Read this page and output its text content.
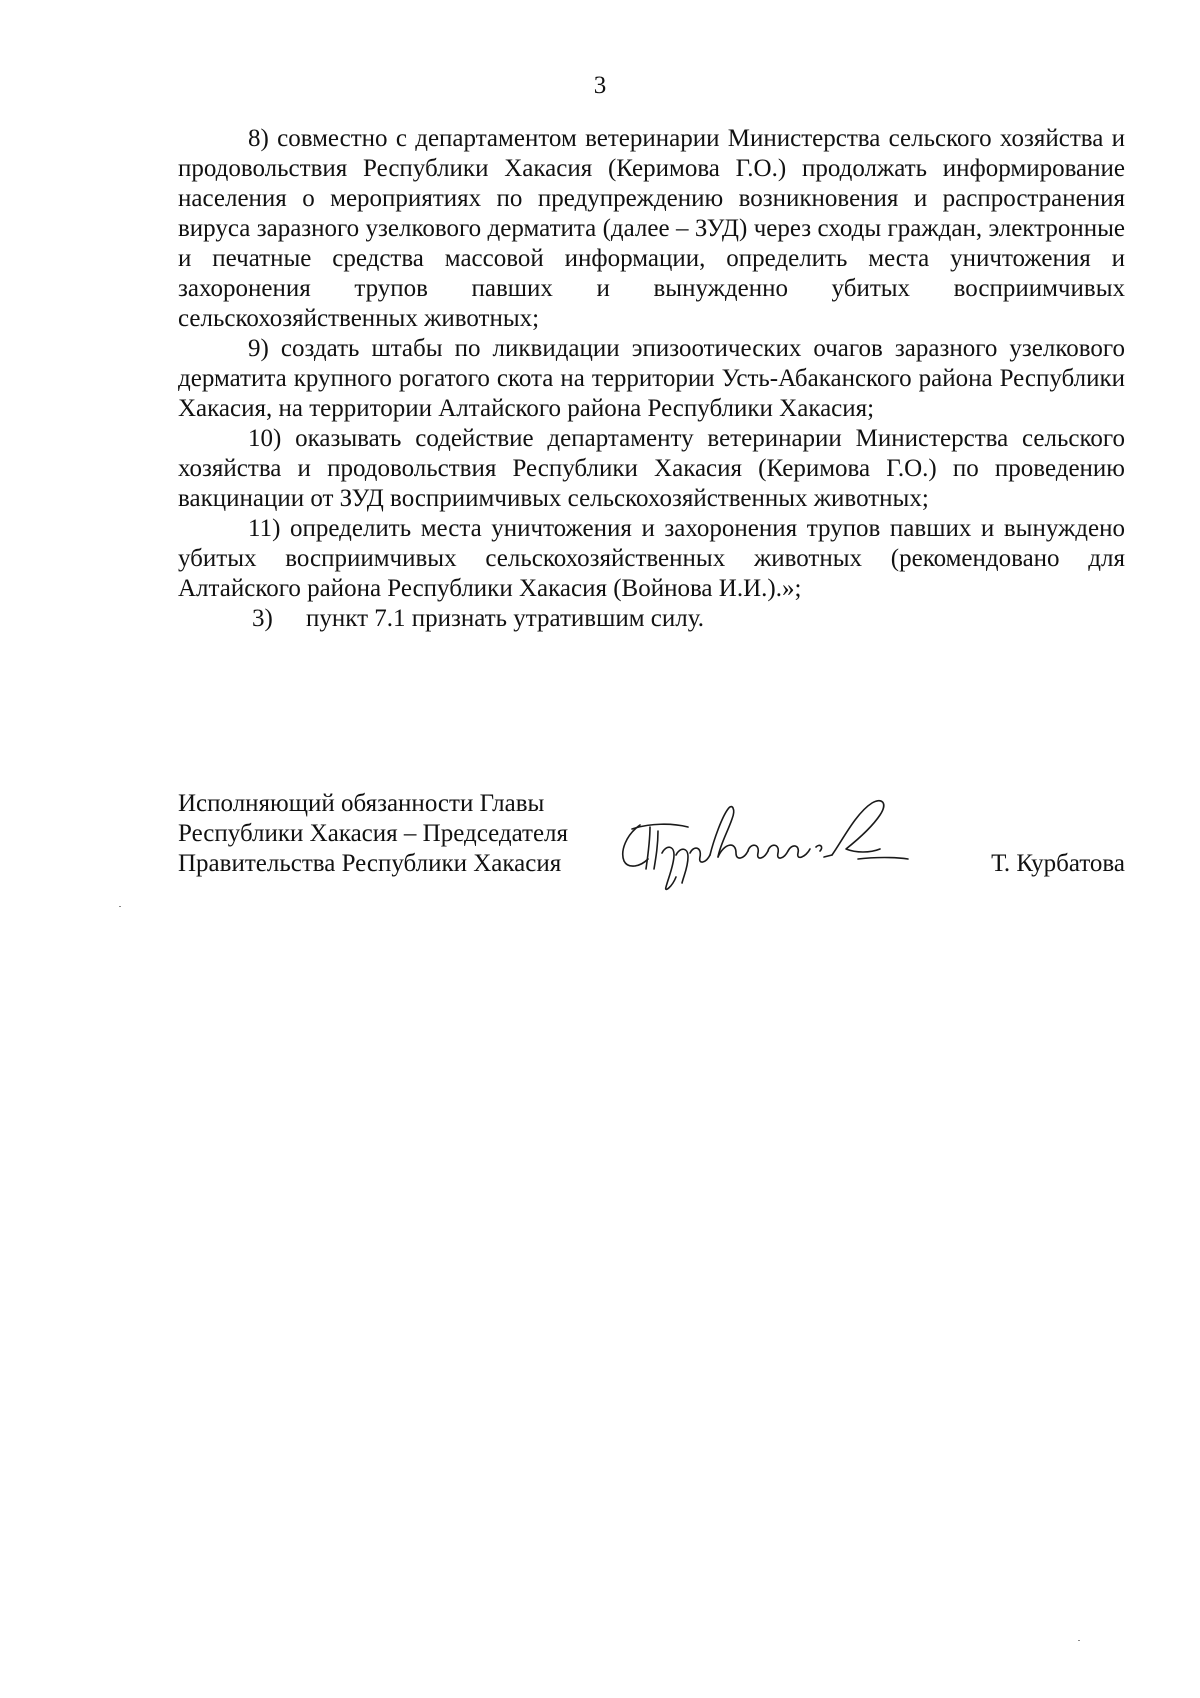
3

8) совместно с департаментом ветеринарии Министерства сельского хозяйства и продовольствия Республики Хакасия (Керимова Г.О.) продолжать информирование населения о мероприятиях по предупреждению возникновения и распространения вируса заразного узелкового дерматита (далее – ЗУД) через сходы граждан, электронные и печатные средства массовой информации, определить места уничтожения и захоронения трупов павших и вынужденно убитых восприимчивых сельскохозяйственных животных;

9) создать штабы по ликвидации эпизоотических очагов заразного узелкового дерматита крупного рогатого скота на территории Усть-Абаканского района Республики Хакасия, на территории Алтайского района Республики Хакасия;

10) оказывать содействие департаменту ветеринарии Министерства сельского хозяйства и продовольствия Республики Хакасия (Керимова Г.О.) по проведению вакцинации от ЗУД восприимчивых сельскохозяйственных животных;

11) определить места уничтожения и захоронения трупов павших и вынуждено убитых восприимчивых сельскохозяйственных животных (рекомендовано для Алтайского района Республики Хакасия (Войнова И.И.).»;

3) пункт 7.1 признать утратившим силу.

Исполняющий обязанности Главы
Республики Хакасия – Председателя
Правительства Республики Хакасия	Т. Курбатова
